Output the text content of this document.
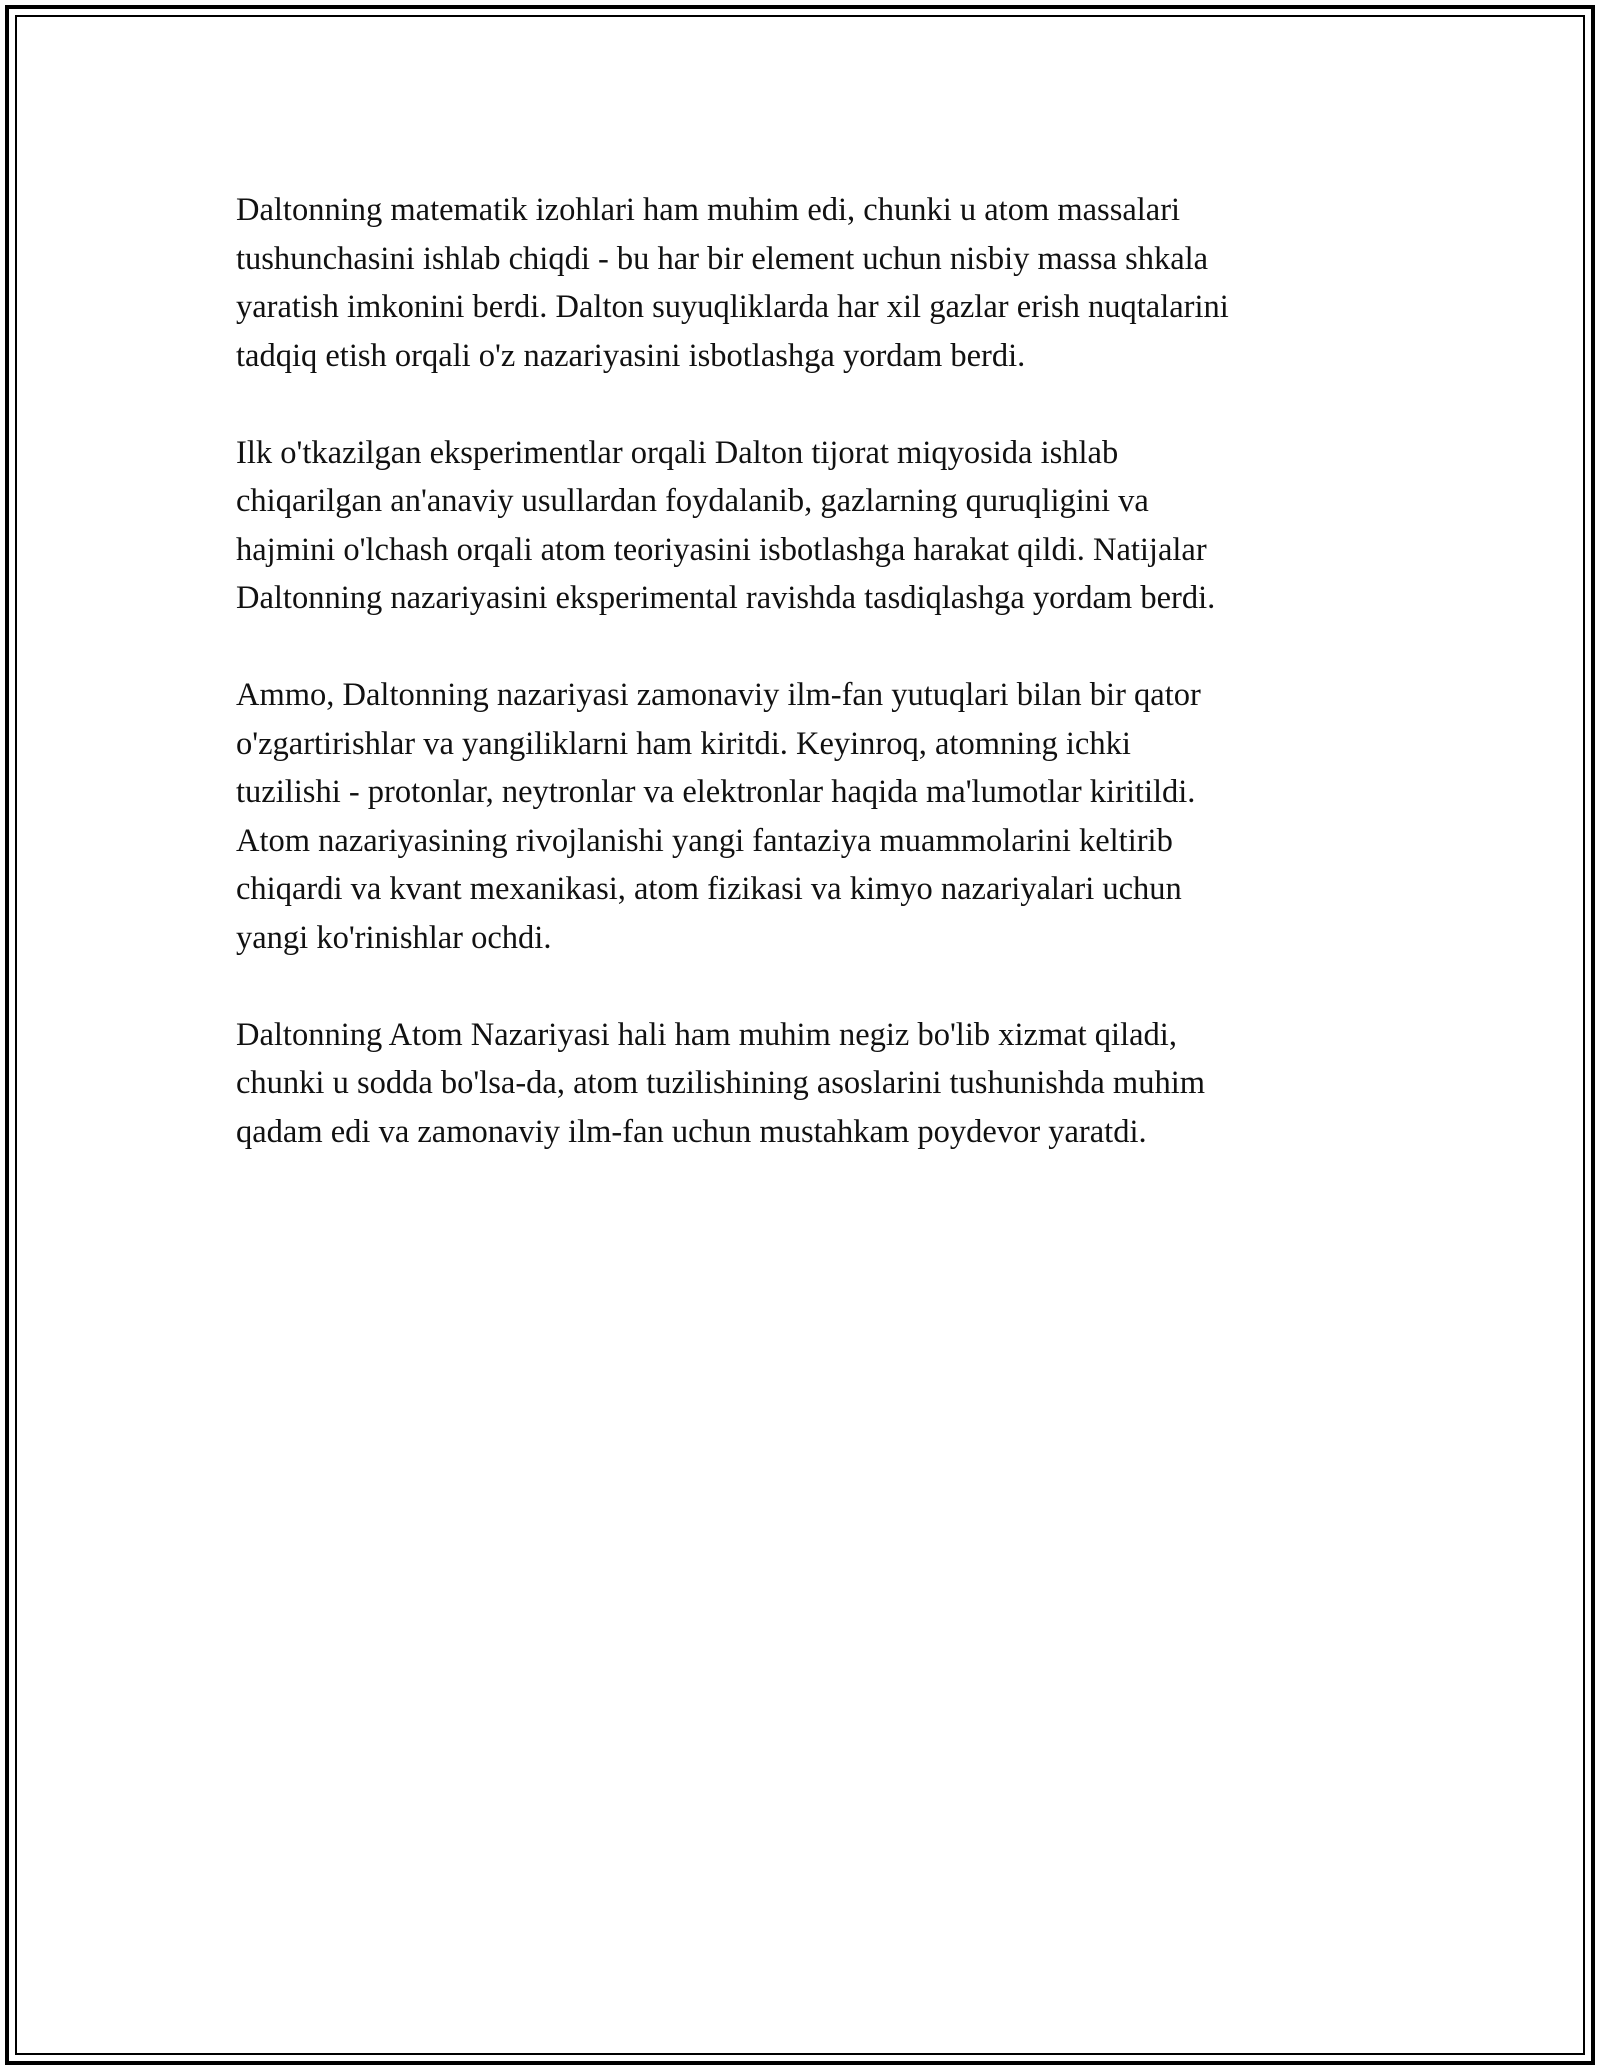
Daltonning matematik izohlari ham muhim edi, chunki u atom massalari
tushunchasini ishlab chiqdi - bu har bir element uchun nisbiy massa shkala
yaratish imkonini berdi. Dalton suyuqliklarda har xil gazlar erish nuqtalarini
tadqiq etish orqali o'z nazariyasini isbotlashga yordam berdi.

Ilk o'tkazilgan eksperimentlar orqali Dalton tijorat miqyosida ishlab
chiqarilgan an'anaviy usullardan foydalanib, gazlarning quruqligini va
hajmini o'lchash orqali atom teoriyasini isbotlashga harakat qildi. Natijalar
Daltonning nazariyasini eksperimental ravishda tasdiqlashga yordam berdi.

Ammo, Daltonning nazariyasi zamonaviy ilm-fan yutuqlari bilan bir qator
o'zgartirishlar va yangiliklarni ham kiritdi. Keyinroq, atomning ichki
tuzilishi - protonlar, neytronlar va elektronlar haqida ma'lumotlar kiritildi.
Atom nazariyasining rivojlanishi yangi fantaziya muammolarini keltirib
chiqardi va kvant mexanikasi, atom fizikasi va kimyo nazariyalari uchun
yangi ko'rinishlar ochdi.

Daltonning Atom Nazariyasi hali ham muhim negiz bo'lib xizmat qiladi,
chunki u sodda bo'lsa-da, atom tuzilishining asoslarini tushunishda muhim
qadam edi va zamonaviy ilm-fan uchun mustahkam poydevor yaratdi.
